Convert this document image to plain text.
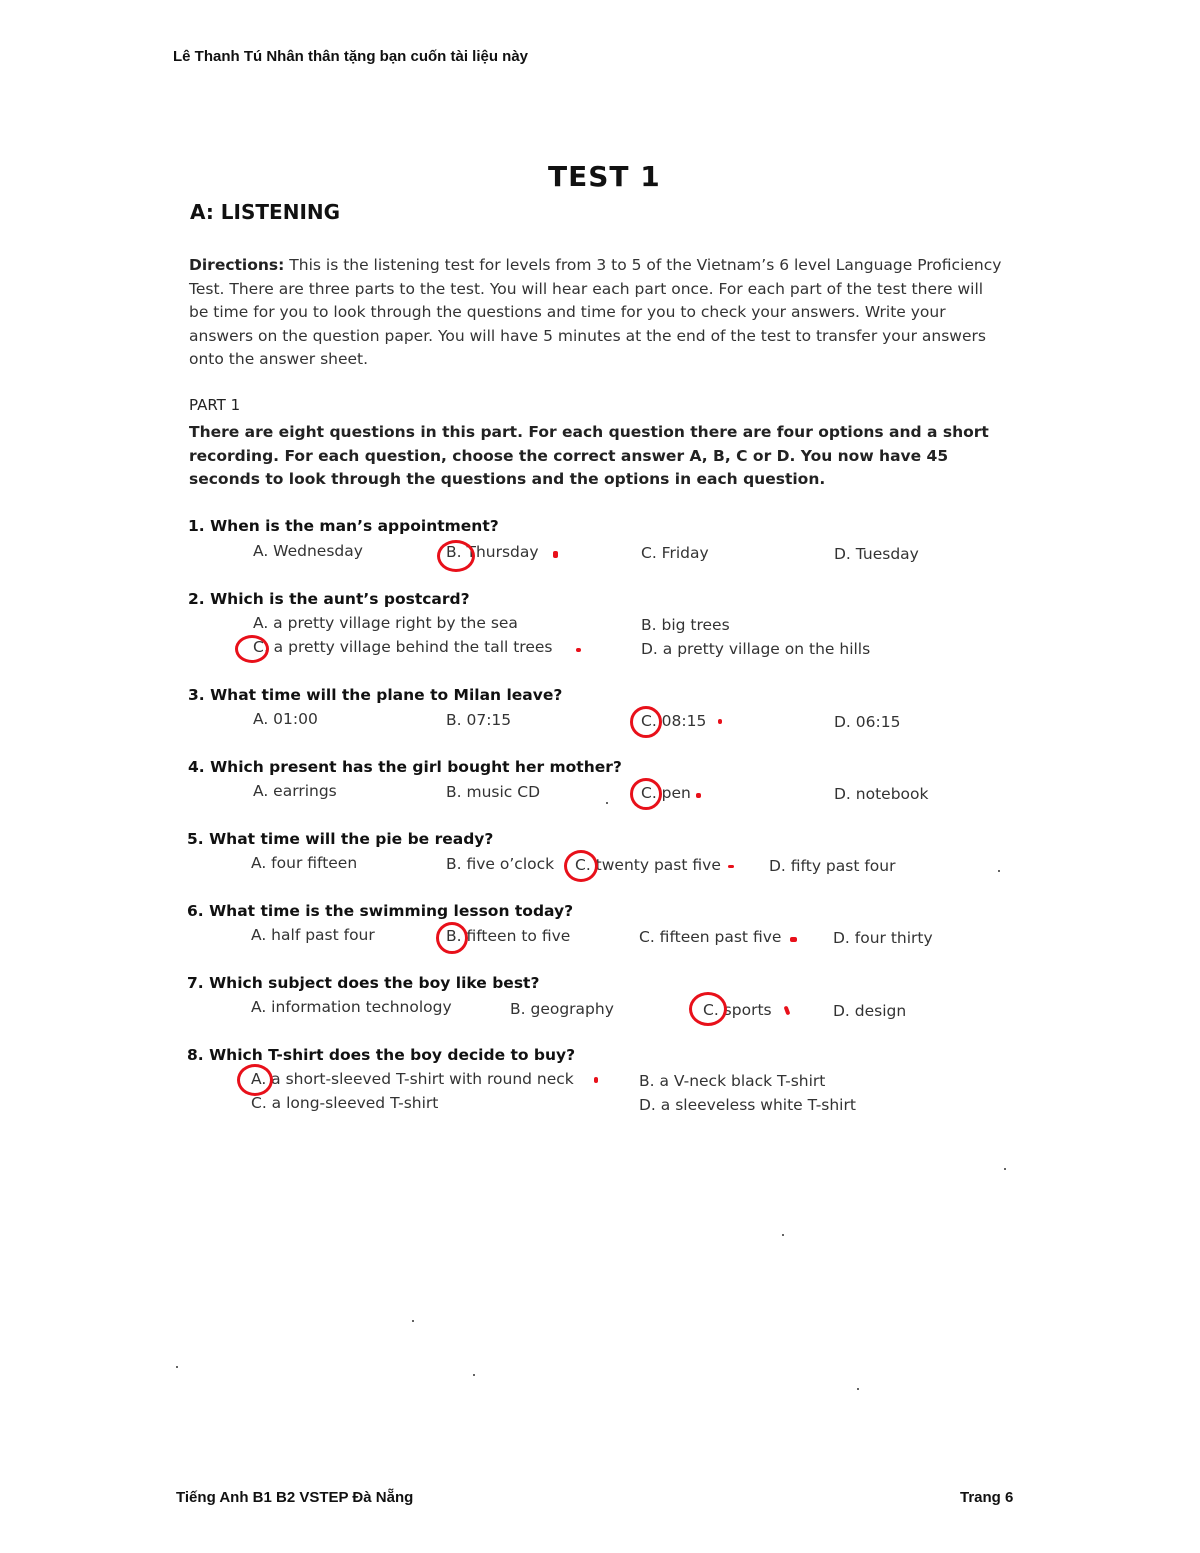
Lê Thanh Tú Nhân thân tặng bạn cuốn tài liệu này
TEST 1
A: LISTENING
Directions: This is the listening test for levels from 3 to 5 of the Vietnam’s 6 level Language Proficiency Test. There are three parts to the test. You will hear each part once. For each part of the test there will be time for you to look through the questions and time for you to check your answers. Write your answers on the question paper. You will have 5 minutes at the end of the test to transfer your answers onto the answer sheet.
PART 1
There are eight questions in this part. For each question there are four options and a short recording. For each question, choose the correct answer A, B, C or D. You now have 45 seconds to look through the questions and the options in each question.
1. When is the man’s appointment?
A. Wednesday	B. Thursday	C. Friday	D. Tuesday
2. Which is the aunt’s postcard?
A. a pretty village right by the sea	B. big trees
C. a pretty village behind the tall trees	D. a pretty village on the hills
3. What time will the plane to Milan leave?
A. 01:00	B. 07:15	C. 08:15	D. 06:15
4. Which present has the girl bought her mother?
A. earrings	B. music CD	C. pen	D. notebook
5. What time will the pie be ready?
A. four fifteen	B. five o’clock C. twenty past five	D. fifty past four
6. What time is the swimming lesson today?
A. half past four	B. fifteen to five	C. fifteen past five	D. four thirty
7. Which subject does the boy like best?
A. information technology	B. geography	C. sports	D. design
8. Which T-shirt does the boy decide to buy?
A. a short-sleeved T-shirt with round neck	B. a V-neck black T-shirt
C. a long-sleeved T-shirt	D. a sleeveless white T-shirt
Tiếng Anh B1 B2 VSTEP Đà Nẵng	Trang 6
